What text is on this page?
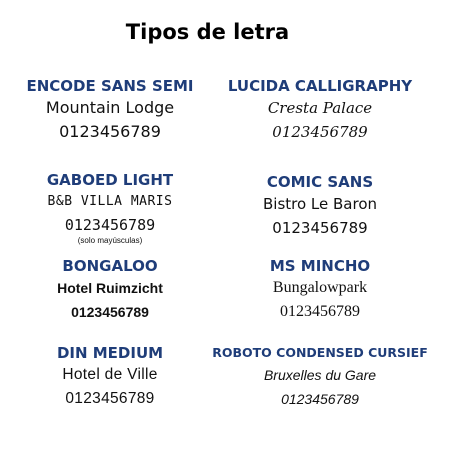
Tipos de letra
ENCODE SANS SEMI
Mountain Lodge
0123456789
LUCIDA CALLIGRAPHY
Cresta Palace
0123456789
GABOED LIGHT
B&B VILLA MARIS
0123456789
(solo mayúsculas)
COMIC SANS
Bistro Le Baron
0123456789
BONGALOO
Hotel Ruimzicht
0123456789
MS MINCHO
Bungalowpark
0123456789
DIN MEDIUM
Hotel de Ville
0123456789
ROBOTO CONDENSED CURSIEF
Bruxelles du Gare
0123456789
